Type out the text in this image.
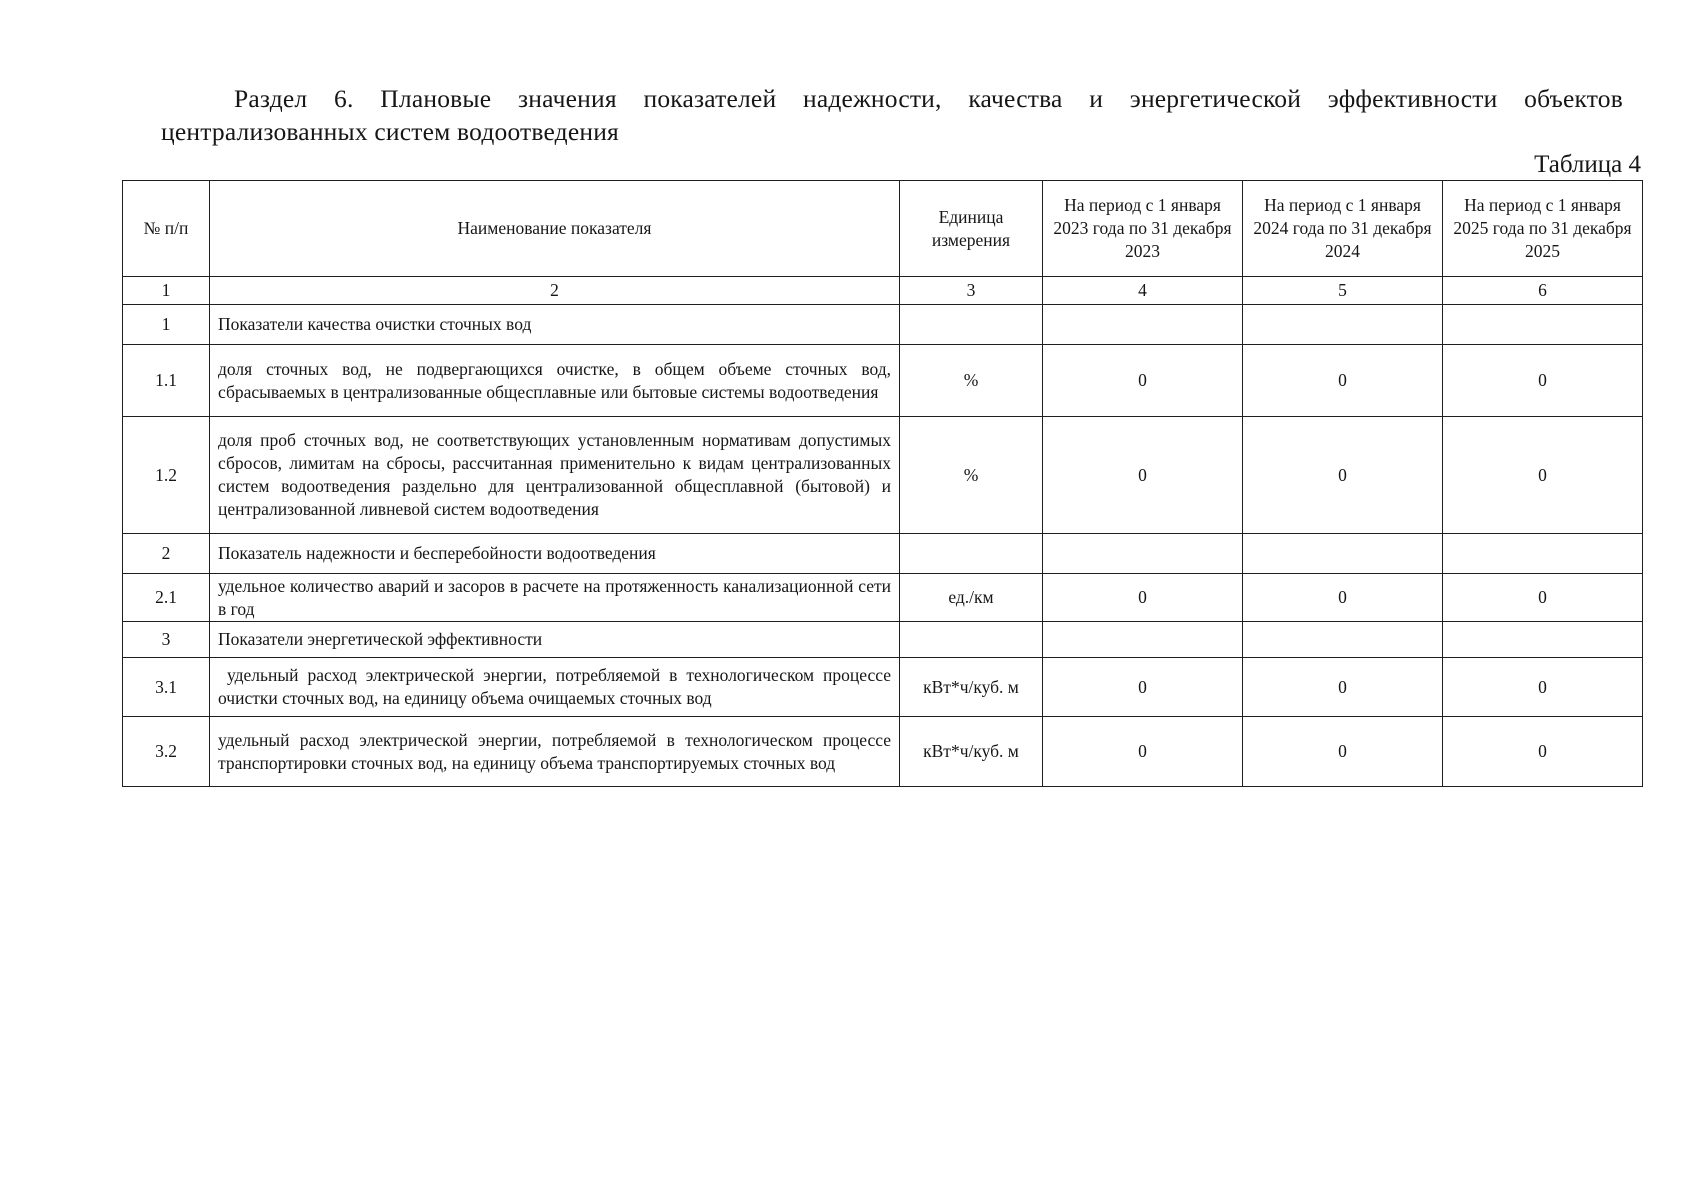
Раздел 6. Плановые значения показателей надежности, качества и энергетической эффективности объектов централизованных систем водоотведения
Таблица 4
№ п/п	Наименование показателя	Единица измерения	На период с 1 января 2023 года по 31 декабря 2023	На период с 1 января 2024 года по 31 декабря 2024	На период с 1 января 2025 года по 31 декабря 2025
1	2	3	4	5	6
1	Показатели качества очистки сточных вод				
1.1	доля сточных вод, не подвергающихся очистке, в общем объеме сточных вод, сбрасываемых в централизованные общесплавные или бытовые системы водоотведения	%	0	0	0
1.2	доля проб сточных вод, не соответствующих установленным нормативам допустимых сбросов, лимитам на сбросы, рассчитанная применительно к видам централизованных систем водоотведения раздельно для централизованной общесплавной (бытовой) и централизованной ливневой систем водоотведения	%	0	0	0
2	Показатель надежности и бесперебойности водоотведения				
2.1	удельное количество аварий и засоров в расчете на протяженность канализационной сети в год	ед./км	0	0	0
3	Показатели энергетической эффективности				
3.1	удельный расход электрической энергии, потребляемой в технологическом процессе очистки сточных вод, на единицу объема очищаемых сточных вод	кВт*ч/куб. м	0	0	0
3.2	удельный расход электрической энергии, потребляемой в технологическом процессе транспортировки сточных вод, на единицу объема транспортируемых сточных вод	кВт*ч/куб. м	0	0	0
